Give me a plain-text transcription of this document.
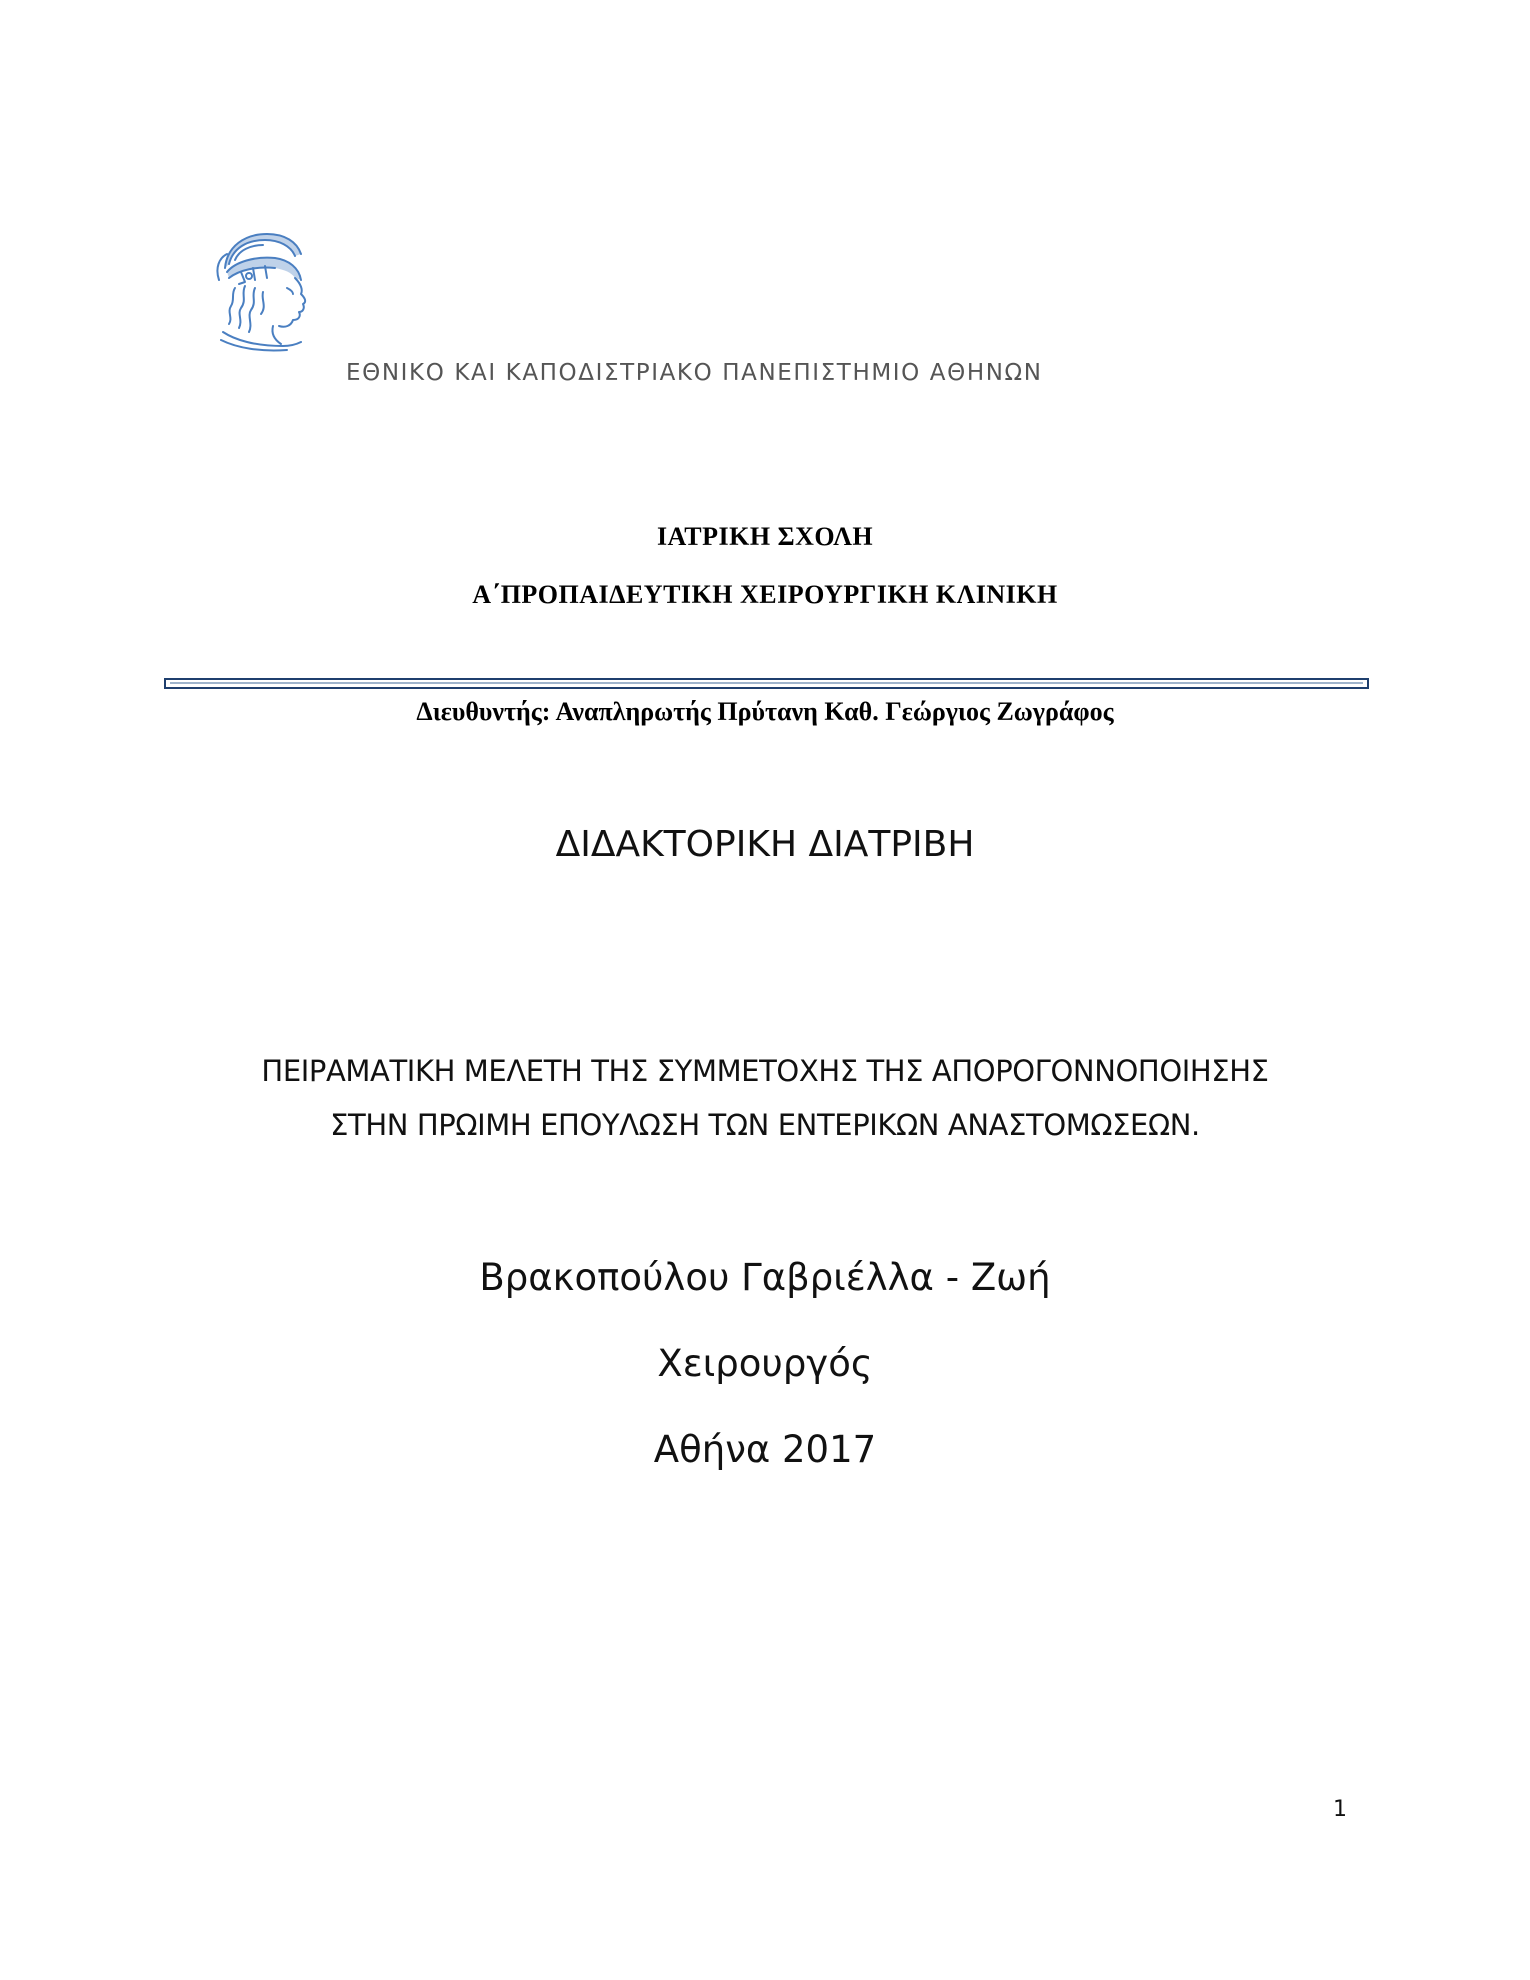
ΕΘΝΙΚΟ ΚΑΙ ΚΑΠΟΔΙΣΤΡΙΑΚΟ ΠΑΝΕΠΙΣΤΗΜΙΟ ΑΘΗΝΩΝ
ΙΑΤΡΙΚΗ ΣΧΟΛΗ
Α΄ΠΡΟΠΑΙΔΕΥΤΙΚΗ ΧΕΙΡΟΥΡΓΙΚΗ ΚΛΙΝΙΚΗ
Διευθυντής: Αναπληρωτής Πρύτανη Καθ. Γεώργιος Ζωγράφος
ΔΙΔΑΚΤΟΡΙΚΗ ΔΙΑΤΡΙΒΗ
ΠΕΙΡΑΜΑΤΙΚΗ ΜΕΛΕΤΗ ΤΗΣ ΣΥΜΜΕΤΟΧΗΣ ΤΗΣ ΑΠΟΡΟΓΟΝΝΟΠΟΙΗΣΗΣ
ΣΤΗΝ ΠΡΩΙΜΗ ΕΠΟΥΛΩΣΗ ΤΩΝ ΕΝΤΕΡΙΚΩΝ ΑΝΑΣΤΟΜΩΣΕΩΝ.
Βρακοπούλου Γαβριέλλα - Ζωή
Χειρουργός
Αθήνα 2017
1
